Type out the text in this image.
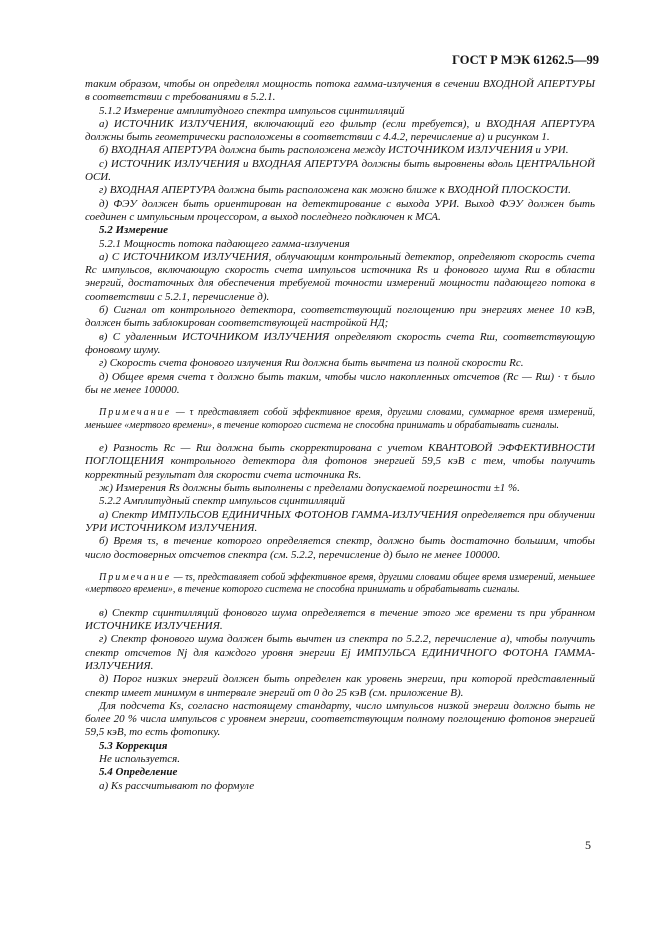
ГОСТ Р МЭК 61262.5—99

таким образом, чтобы он определял мощность потока гамма-излучения в сечении ВХОДНОЙ АПЕРТУРЫ в соответствии с требованиями в 5.2.1.

5.1.2 Измерение амплитудного спектра импульсов сцинтилляций

а) ИСТОЧНИК ИЗЛУЧЕНИЯ, включающий его фильтр (если требуется), и ВХОДНАЯ АПЕРТУРА должны быть геометрически расположены в соответствии с 4.4.2, перечисление а) и рисунком 1.

б) ВХОДНАЯ АПЕРТУРА должна быть расположена между ИСТОЧНИКОМ ИЗЛУЧЕНИЯ и УРИ.

с) ИСТОЧНИК ИЗЛУЧЕНИЯ и ВХОДНАЯ АПЕРТУРА должны быть выровнены вдоль ЦЕНТРАЛЬНОЙ ОСИ.

г) ВХОДНАЯ АПЕРТУРА должна быть расположена как можно ближе к ВХОДНОЙ ПЛОСКОСТИ.

д) ФЭУ должен быть ориентирован на детектирование с выхода УРИ. Выход ФЭУ должен быть соединен с импульсным процессором, а выход последнего подключен к МСА.

5.2 Измерение

5.2.1 Мощность потока падающего гамма-излучения

а) С ИСТОЧНИКОМ ИЗЛУЧЕНИЯ, облучающим контрольный детектор, определяют скорость счета Rc импульсов, включающую скорость счета импульсов источника Rs и фонового шума Rш в области энергий, достаточных для обеспечения требуемой точности измерений мощности падающего потока в соответствии с 5.2.1, перечисление д).

б) Сигнал от контрольного детектора, соответствующий поглощению при энергиях менее 10 кэВ, должен быть заблокирован соответствующей настройкой НД;

в) С удаленным ИСТОЧНИКОМ ИЗЛУЧЕНИЯ определяют скорость счета Rш, соответствующую фоновому шуму.

г) Скорость счета фонового излучения Rш должна быть вычтена из полной скорости Rc.

д) Общее время счета τ должно быть таким, чтобы число накопленных отсчетов (Rc — Rш) · τ было бы не менее 100000.

Примечание — τ представляет собой эффективное время, другими словами, суммарное время измерений, меньшее «мертвого времени», в течение которого система не способна принимать и обрабатывать сигналы.

е) Разность Rc — Rш должна быть скорректирована с учетом КВАНТОВОЙ ЭФФЕКТИВНОСТИ ПОГЛОЩЕНИЯ контрольного детектора для фотонов энергией 59,5 кэВ с тем, чтобы получить корректный результат для скорости счета источника Rs.

ж) Измерения Rs должны быть выполнены с пределами допускаемой погрешности ±1 %.

5.2.2 Амплитудный спектр импульсов сцинтилляций

а) Спектр ИМПУЛЬСОВ ЕДИНИЧНЫХ ФОТОНОВ ГАММА-ИЗЛУЧЕНИЯ определяется при облучении УРИ ИСТОЧНИКОМ ИЗЛУЧЕНИЯ.

б) Время τs, в течение которого определяется спектр, должно быть достаточно большим, чтобы число достоверных отсчетов спектра (см. 5.2.2, перечисление д) было не менее 100000.

Примечание — τs, представляет собой эффективное время, другими словами общее время измерений, меньшее «мертвого времени», в течение которого система не способна принимать и обрабатывать сигналы.

в) Спектр сцинтилляций фонового шума определяется в течение этого же времени τs при убранном ИСТОЧНИКЕ ИЗЛУЧЕНИЯ.

г) Спектр фонового шума должен быть вычтен из спектра по 5.2.2, перечисление а), чтобы получить спектр отсчетов Nj для каждого уровня энергии Ej ИМПУЛЬСА ЕДИНИЧНОГО ФОТОНА ГАММА-ИЗЛУЧЕНИЯ.

д) Порог низких энергий должен быть определен как уровень энергии, при которой представленный спектр имеет минимум в интервале энергий от 0 до 25 кэВ (см. приложение В).

Для подсчета Ks, согласно настоящему стандарту, число импульсов низкой энергии должно быть не более 20 % числа импульсов с уровнем энергии, соответствующим полному поглощению фотонов энергией 59,5 кэВ, то есть фотопику.

5.3 Коррекция

Не используется.

5.4 Определение

а) Ks рассчитывают по формуле

5
